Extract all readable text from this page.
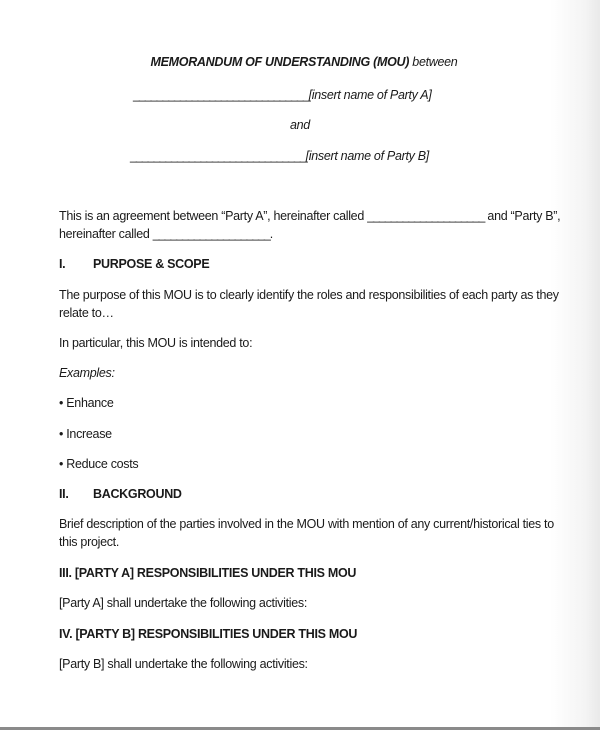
MEMORANDUM OF UNDERSTANDING (MOU) between
______________________________[insert name of Party A]
and
______________________________[insert name of Party B]
This is an agreement between “Party A”, hereinafter called ____________________ and “Party B”,
hereinafter called ____________________.
I. PURPOSE & SCOPE
The purpose of this MOU is to clearly identify the roles and responsibilities of each party as they
relate to…
In particular, this MOU is intended to:
Examples:
• Enhance
• Increase
• Reduce costs
II. BACKGROUND
Brief description of the parties involved in the MOU with mention of any current/historical ties to
this project.
III. [PARTY A] RESPONSIBILITIES UNDER THIS MOU
[Party A] shall undertake the following activities:
IV. [PARTY B] RESPONSIBILITIES UNDER THIS MOU
[Party B] shall undertake the following activities:
